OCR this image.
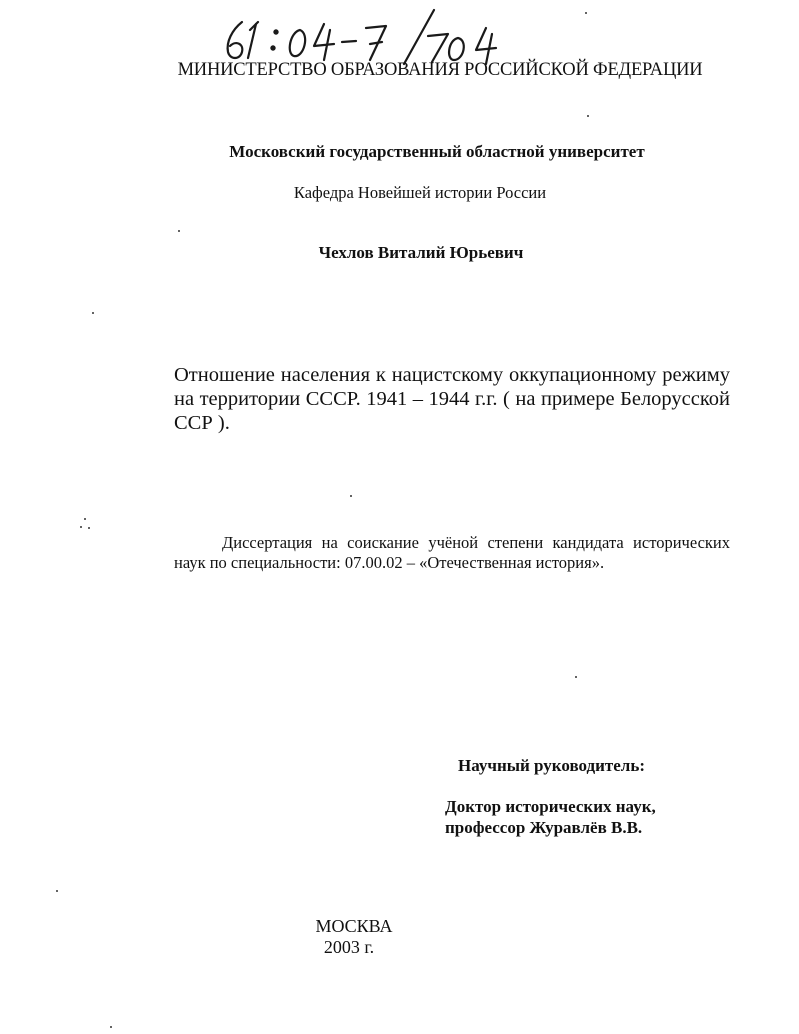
МИНИСТЕРСТВО ОБРАЗОВАНИЯ РОССИЙСКОЙ ФЕДЕРАЦИИ
Московский государственный областной университет
Кафедра Новейшей истории России
Чехлов Виталий Юрьевич
Отношение населения к нацистскому оккупационному режиму на территории СССР. 1941 – 1944 г.г. ( на примере Белорусской ССР ).
Диссертация на соискание учёной степени кандидата исторических наук по специальности: 07.00.02 – «Отечественная история».
Научный руководитель:
Доктор исторических наук,
профессор Журавлёв В.В.
МОСКВА
2003 г.
